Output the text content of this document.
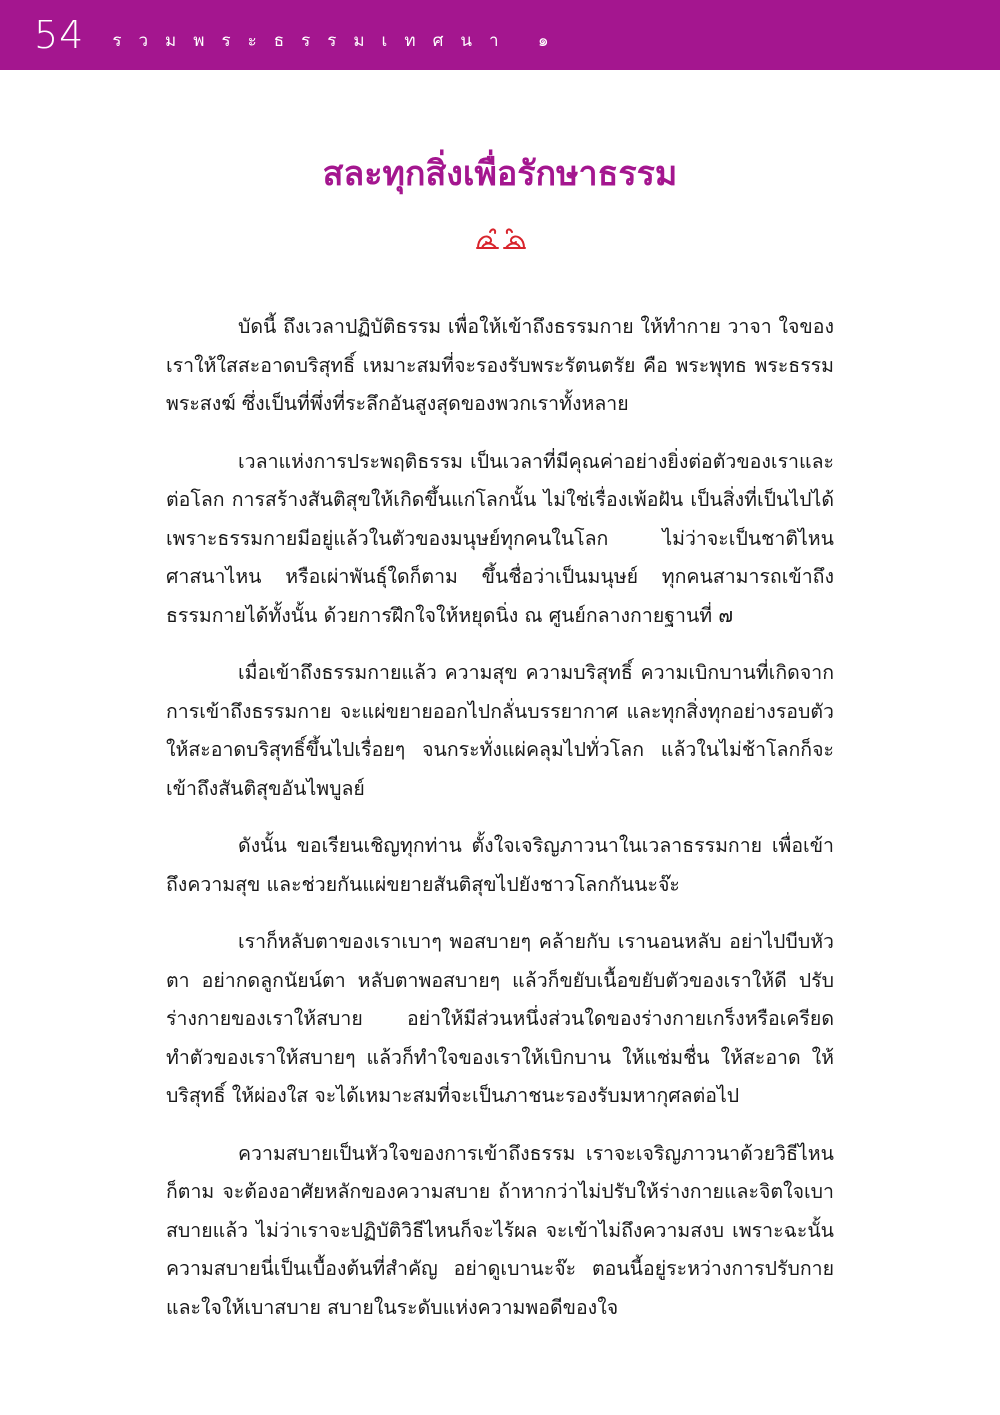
54 รวมพระธรรมเทศนา ๑
สละทุกสิ่งเพื่อรักษาธรรม

บัดนี้ ถึงเวลาปฏิบัติธรรม เพื่อให้เข้าถึงธรรมกาย ให้ทำกาย วาจา ใจของเราให้ใสสะอาดบริสุทธิ์ เหมาะสมที่จะรองรับพระรัตนตรัย คือ พระพุทธ พระธรรม พระสงฆ์ ซึ่งเป็นที่พึ่งที่ระลึกอันสูงสุดของพวกเราทั้งหลาย

เวลาแห่งการประพฤติธรรม เป็นเวลาที่มีคุณค่าอย่างยิ่งต่อตัวของเราและต่อโลก การสร้างสันติสุขให้เกิดขึ้นแก่โลกนั้น ไม่ใช่เรื่องเพ้อฝัน เป็นสิ่งที่เป็นไปได้ เพราะธรรมกายมีอยู่แล้วในตัวของมนุษย์ทุกคนในโลก ไม่ว่าจะเป็นชาติไหน ศาสนาไหน หรือเผ่าพันธุ์ใดก็ตาม ขึ้นชื่อว่าเป็นมนุษย์ ทุกคนสามารถเข้าถึงธรรมกายได้ทั้งนั้น ด้วยการฝึกใจให้หยุดนิ่ง ณ ศูนย์กลางกายฐานที่ ๗

เมื่อเข้าถึงธรรมกายแล้ว ความสุข ความบริสุทธิ์ ความเบิกบานที่เกิดจากการเข้าถึงธรรมกาย จะแผ่ขยายออกไปกลั่นบรรยากาศ และทุกสิ่งทุกอย่างรอบตัว ให้สะอาดบริสุทธิ์ขึ้นไปเรื่อยๆ จนกระทั่งแผ่คลุมไปทั่วโลก แล้วในไม่ช้าโลกก็จะเข้าถึงสันติสุขอันไพบูลย์

ดังนั้น ขอเรียนเชิญทุกท่าน ตั้งใจเจริญภาวนาในเวลาธรรมกาย เพื่อเข้าถึงความสุข และช่วยกันแผ่ขยายสันติสุขไปยังชาวโลกกันนะจ๊ะ

เราก็หลับตาของเราเบาๆ พอสบายๆ คล้ายกับ เรานอนหลับ อย่าไปบีบหัวตา อย่ากดลูกนัยน์ตา หลับตาพอสบายๆ แล้วก็ขยับเนื้อขยับตัวของเราให้ดี ปรับร่างกายของเราให้สบาย อย่าให้มีส่วนหนึ่งส่วนใดของร่างกายเกร็งหรือเครียด ทำตัวของเราให้สบายๆ แล้วก็ทำใจของเราให้เบิกบาน ให้แช่มชื่น ให้สะอาด ให้บริสุทธิ์ ให้ผ่องใส จะได้เหมาะสมที่จะเป็นภาชนะรองรับมหากุศลต่อไป

ความสบายเป็นหัวใจของการเข้าถึงธรรม เราจะเจริญภาวนาด้วยวิธีไหนก็ตาม จะต้องอาศัยหลักของความสบาย ถ้าหากว่าไม่ปรับให้ร่างกายและจิตใจเบาสบายแล้ว ไม่ว่าเราจะปฏิบัติวิธีไหนก็จะไร้ผล จะเข้าไม่ถึงความสงบ เพราะฉะนั้น ความสบายนี่เป็นเบื้องต้นที่สำคัญ อย่าดูเบานะจ๊ะ ตอนนี้อยู่ระหว่างการปรับกายและใจให้เบาสบาย สบายในระดับแห่งความพอดีของใจ
